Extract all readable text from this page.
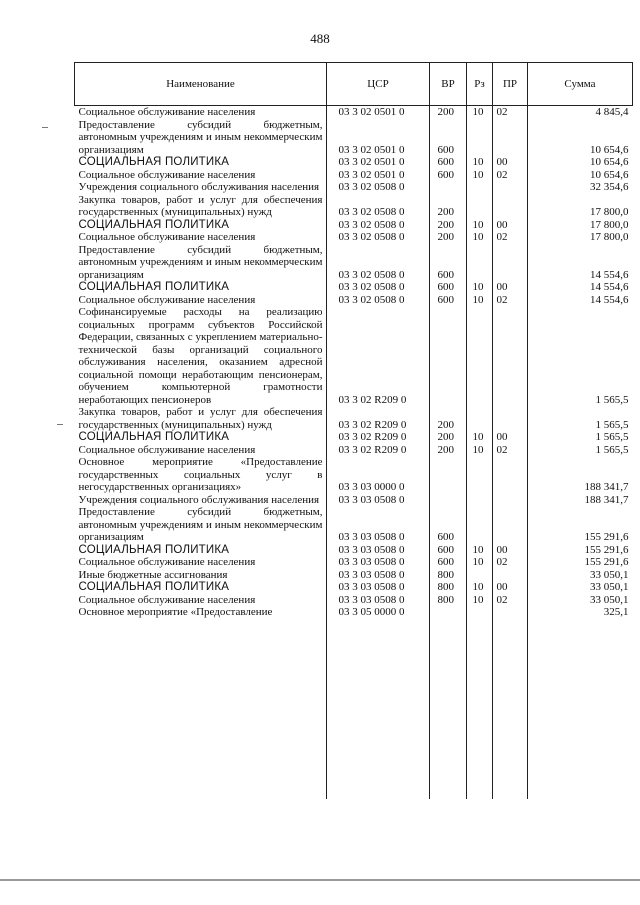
488
Наименование	ЦСР	ВР	Рз	ПР	Сумма
Социальное обслуживание населения	03 3 02 0501 0	200	10	02	4 845,4
Предоставление субсидий бюджетным, автономным учреждениям и иным некоммерческим организациям	03 3 02 0501 0	600			10 654,6
СОЦИАЛЬНАЯ ПОЛИТИКА	03 3 02 0501 0	600	10	00	10 654,6
Социальное обслуживание населения	03 3 02 0501 0	600	10	02	10 654,6
Учреждения социального обслуживания населения	03 3 02 0508 0				32 354,6
Закупка товаров, работ и услуг для обеспечения государственных (муниципальных) нужд	03 3 02 0508 0	200			17 800,0
СОЦИАЛЬНАЯ ПОЛИТИКА	03 3 02 0508 0	200	10	00	17 800,0
Социальное обслуживание населения	03 3 02 0508 0	200	10	02	17 800,0
Предоставление субсидий бюджетным, автономным учреждениям и иным некоммерческим организациям	03 3 02 0508 0	600			14 554,6
СОЦИАЛЬНАЯ ПОЛИТИКА	03 3 02 0508 0	600	10	00	14 554,6
Социальное обслуживание населения	03 3 02 0508 0	600	10	02	14 554,6
Софинансируемые расходы на реализацию социальных программ субъектов Российской Федерации, связанных с укреплением материально-технической базы организаций социального обслуживания населения, оказанием адресной социальной помощи неработающим пенсионерам, обучением компьютерной грамотности неработающих пенсионеров	03 3 02 R209 0				1 565,5
Закупка товаров, работ и услуг для обеспечения государственных (муниципальных) нужд	03 3 02 R209 0	200			1 565,5
СОЦИАЛЬНАЯ ПОЛИТИКА	03 3 02 R209 0	200	10	00	1 565,5
Социальное обслуживание населения	03 3 02 R209 0	200	10	02	1 565,5
Основное мероприятие «Предоставление государственных социальных услуг в негосударственных организациях»	03 3 03 0000 0				188 341,7
Учреждения социального обслуживания населения	03 3 03 0508 0				188 341,7
Предоставление субсидий бюджетным, автономным учреждениям и иным некоммерческим организациям	03 3 03 0508 0	600			155 291,6
СОЦИАЛЬНАЯ ПОЛИТИКА	03 3 03 0508 0	600	10	00	155 291,6
Социальное обслуживание населения	03 3 03 0508 0	600	10	02	155 291,6
Иные бюджетные ассигнования	03 3 03 0508 0	800			33 050,1
СОЦИАЛЬНАЯ ПОЛИТИКА	03 3 03 0508 0	800	10	00	33 050,1
Социальное обслуживание населения	03 3 03 0508 0	800	10	02	33 050,1
Основное мероприятие «Предоставление	03 3 05 0000 0				325,1
